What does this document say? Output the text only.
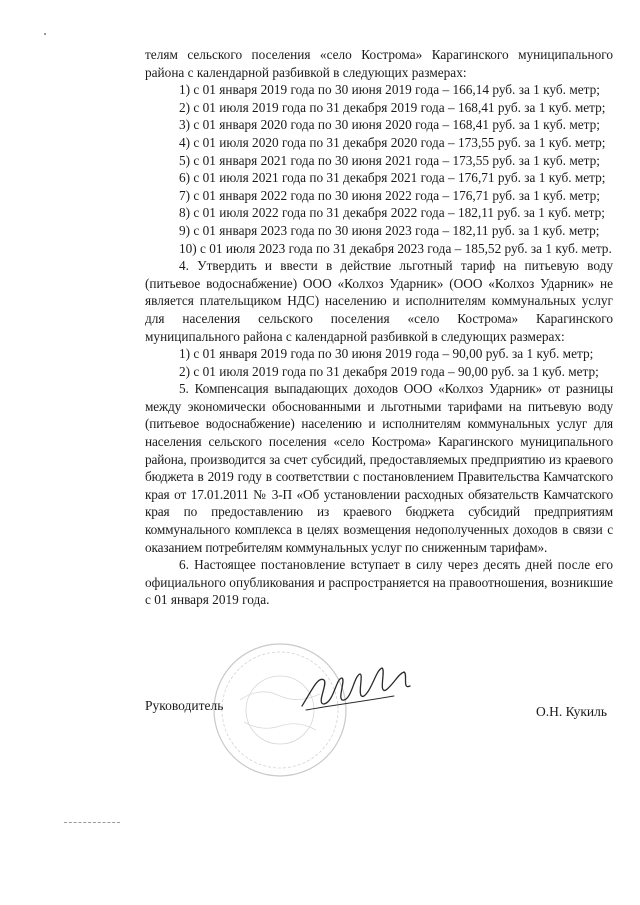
телям сельского поселения «село Кострома» Карагинского муниципального района с календарной разбивкой в следующих размерах:

1) с 01 января 2019 года по 30 июня 2019 года – 166,14 руб. за 1 куб. метр;

2) с 01 июля 2019 года по 31 декабря 2019 года – 168,41 руб. за 1 куб. метр;

3) с 01 января 2020 года по 30 июня 2020 года – 168,41 руб. за 1 куб. метр;

4) с 01 июля 2020 года по 31 декабря 2020 года – 173,55 руб. за 1 куб. метр;

5) с 01 января 2021 года по 30 июня 2021 года – 173,55 руб. за 1 куб. метр;

6) с 01 июля 2021 года по 31 декабря 2021 года – 176,71 руб. за 1 куб. метр;

7) с 01 января 2022 года по 30 июня 2022 года – 176,71 руб. за 1 куб. метр;

8) с 01 июля 2022 года по 31 декабря 2022 года – 182,11 руб. за 1 куб. метр;

9) с 01 января 2023 года по 30 июня 2023 года – 182,11 руб. за 1 куб. метр;

10) с 01 июля 2023 года по 31 декабря 2023 года – 185,52 руб. за 1 куб. метр.

4. Утвердить и ввести в действие льготный тариф на питьевую воду (питьевое водоснабжение) ООО «Колхоз Ударник» (ООО «Колхоз Ударник» не является плательщиком НДС) населению и исполнителям коммунальных услуг для населения сельского поселения «село Кострома» Карагинского муниципального района с календарной разбивкой в следующих размерах:

1) с 01 января 2019 года по 30 июня 2019 года – 90,00 руб. за 1 куб. метр;

2) с 01 июля 2019 года по 31 декабря 2019 года – 90,00 руб. за 1 куб. метр;

5. Компенсация выпадающих доходов ООО «Колхоз Ударник» от разницы между экономически обоснованными и льготными тарифами на питьевую воду (питьевое водоснабжение) населению и исполнителям коммунальных услуг для населения сельского поселения «село Кострома» Карагинского муниципального района, производится за счет субсидий, предоставляемых предприятию из краевого бюджета в 2019 году в соответствии с постановлением Правительства Камчатского края от 17.01.2011 № 3-П «Об установлении расходных обязательств Камчатского края по предоставлению из краевого бюджета субсидий предприятиям коммунального комплекса в целях возмещения недополученных доходов в связи с оказанием потребителям коммунальных услуг по сниженным тарифам».

6. Настоящее постановление вступает в силу через десять дней после его официального опубликования и распространяется на правоотношения, возникшие с 01 января 2019 года.

Руководитель	О.Н. Кукиль
